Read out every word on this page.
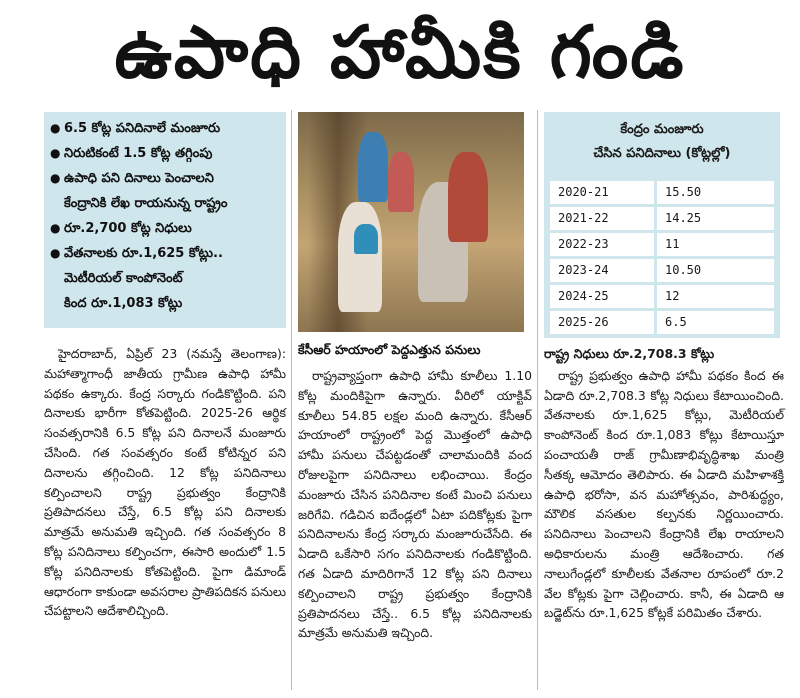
ఉపాధి హామీకి గండి
● 6.5 కోట్ల పనిదినాలే మంజూరు
● నిరుటికంటే 1.5 కోట్ల తగ్గింపు
● ఉపాధి పని దినాలు పెంచాలని
కేంద్రానికి లేఖ రాయనున్న రాష్ట్రం
● రూ.2,700 కోట్ల నిధులు
● వేతనాలకు రూ.1,625 కోట్లు..
మెటీరియల్ కాంపోనెంట్
కింద రూ.1,083 కోట్లు
కేసీఆర్ హయాంలో పెద్దఎత్తున పనులు
కేంద్రం మంజూరు
చేసిన పనిదినాలు (కోట్లల్లో)
2020-21	15.50
2021-22	14.25
2022-23	11
2023-24	10.50
2024-25	12
2025-26	6.5

హైదరాబాద్, ఏప్రిల్ 23 (నమస్తే తెలంగాణ): మహాత్మాగాంధీ జాతీయ గ్రామీణ ఉపాధి హామీ పథకం ఉక్కారు. కేంద్ర సర్కారు గండికొట్టింది. పని దినాలకు భారీగా కోతపెట్టింది. 2025-26 ఆర్థిక సంవత్సరానికి 6.5 కోట్ల పని దినాలనే మంజూరు చేసింది. గత సంవత్సరం కంటే కోటిన్నర పని దినాలను తగ్గించింది. 12 కోట్ల పనిదినాలు కల్పించాలని రాష్ట్ర ప్రభుత్వం కేంద్రానికి ప్రతిపాదనలు చేస్తే, 6.5 కోట్ల పని దినాలకు మాత్రమే అనుమతి ఇచ్చింది. గత సంవత్సరం 8 కోట్ల పనిదినాలు కల్పించగా, ఈసారి అందులో 1.5 కోట్ల పనిదినాలకు కోతపెట్టింది. పైగా డిమాండ్ ఆధారంగా కాకుండా అవసరాల ప్రాతిపదికన పనులు చేపట్టాలని ఆదేశాలిచ్చింది.

రాష్ట్రవ్యాప్తంగా ఉపాధి హామీ కూలీలు 1.10 కోట్ల మందికిపైగా ఉన్నారు. వీరిలో యాక్టివ్ కూలీలు 54.85 లక్షల మంది ఉన్నారు. కేసీఆర్ హయాంలో రాష్ట్రంలో పెద్ద మొత్తంలో ఉపాధి హామీ పనులు చేపట్టడంతో చాలామందికి వంద రోజులపైగా పనిదినాలు లభించాయి. కేంద్రం మంజూరు చేసిన పనిదినాల కంటే మించి పనులు జరిగేవి. గడిచిన ఐదేండ్లలో ఏటా పదికోట్లకు పైగా పనిదినాలను కేంద్ర సర్కారు మంజూరుచేసేది. ఈ ఏడాది ఒకేసారి సగం పనిదినాలకు గండికొట్టింది. గత ఏడాది మాదిరిగానే 12 కోట్ల పని దినాలు కల్పించాలని రాష్ట్ర ప్రభుత్వం కేంద్రానికి ప్రతిపాదనలు చేస్తే.. 6.5 కోట్ల పనిదినాలకు మాత్రమే అనుమతి ఇచ్చింది.

రాష్ట్ర నిధులు రూ.2,708.3 కోట్లు

రాష్ట్ర ప్రభుత్వం ఉపాధి హామీ పథకం కింద ఈ ఏడాది రూ.2,708.3 కోట్ల నిధులు కేటాయించింది. వేతనాలకు రూ.1,625 కోట్లు, మెటీరియల్ కాంపోనెంట్ కింద రూ.1,083 కోట్లు కేటాయిస్తూ పంచాయతీ రాజ్ గ్రామీణాభివృద్ధిశాఖ మంత్రి సీతక్క ఆమోదం తెలిపారు. ఈ ఏడాది మహిళాశక్తి ఉపాధి భరోసా, వన మహోత్సవం, పారిశుద్ధ్యం, మౌలిక వసతుల కల్పనకు నిర్ణయించారు. పనిదినాలు పెంచాలని కేంద్రానికి లేఖ రాయాలని అధికారులను మంత్రి ఆదేశించారు. గత నాలుగేండ్లలో కూలీలకు వేతనాల రూపంలో రూ.2 వేల కోట్లకు పైగా చెల్లించారు. కానీ, ఈ ఏడాది ఆ బడ్జెట్‌ను రూ.1,625 కోట్లకే పరిమితం చేశారు.
